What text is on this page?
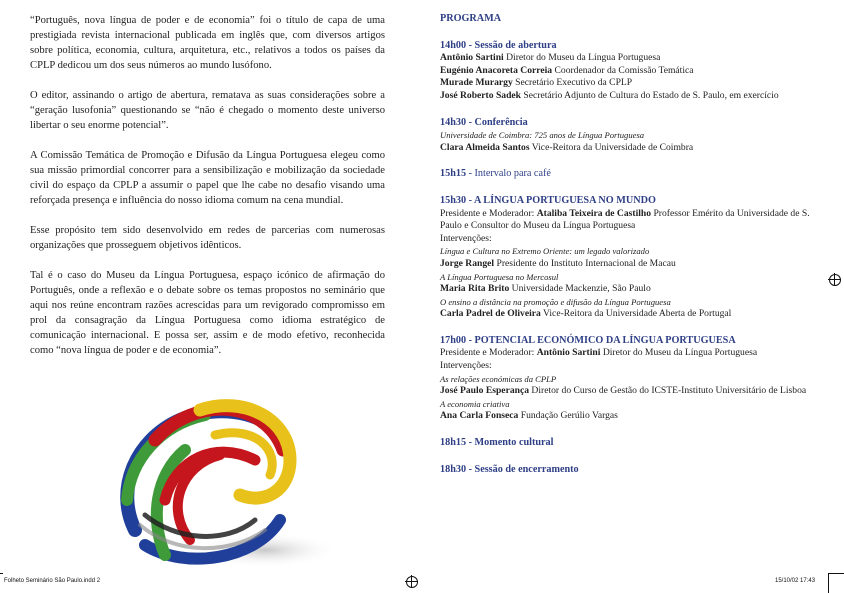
“Português, nova língua de poder e de economia” foi o título de capa de uma prestigiada revista internacional publicada em inglês que, com diversos artigos sobre política, economia, cultura, arquitetura, etc., relativos a todos os países da CPLP dedicou um dos seus números ao mundo lusófono.

O editor, assinando o artigo de abertura, rematava as suas considerações sobre a “geração lusofonia” questionando se “não é chegado o momento deste universo libertar o seu enorme potencial”.

A Comissão Temática de Promoção e Difusão da Língua Portuguesa elegeu como sua missão primordial concorrer para a sensibilização e mobilização da sociedade civil do espaço da CPLP a assumir o papel que lhe cabe no desafio visando uma reforçada presença e influência do nosso idioma comum na cena mundial.

Esse propósito tem sido desenvolvido em redes de parcerias com numerosas organizações que prosseguem objetivos idênticos.

Tal é o caso do Museu da Língua Portuguesa, espaço icónico de afirmação do Português, onde a reflexão e o debate sobre os temas propostos no seminário que aqui nos reúne encontram razões acrescidas para um revigorado compromisso em prol da consagração da Língua Portuguesa como idioma estratégico de comunicação internacional. E possa ser, assim e de modo efetivo, reconhecida como “nova língua de poder e de economia”.

PROGRAMA
14h00 - Sessão de abertura
Antônio Sartini Diretor do Museu da Língua Portuguesa
Eugénio Anacoreta Correia Coordenador da Comissão Temática
Murade Murargy Secretário Executivo da CPLP
José Roberto Sadek Secretário Adjunto de Cultura do Estado de S. Paulo, em exercício
14h30 - Conferência
Universidade de Coimbra: 725 anos de Língua Portuguesa
Clara Almeida Santos Vice-Reitora da Universidade de Coimbra
15h15 - Intervalo para café
15h30 - A LÍNGUA PORTUGUESA NO MUNDO
Presidente e Moderador: Ataliba Teixeira de Castilho Professor Emérito da Universidade de S. Paulo e Consultor do Museu da Língua Portuguesa
Intervenções:
Língua e Cultura no Extremo Oriente: um legado valorizado
Jorge Rangel Presidente do Instituto Internacional de Macau
A Língua Portuguesa no Mercosul
Maria Rita Brito Universidade Mackenzie, São Paulo
O ensino a distância na promoção e difusão da Língua Portuguesa
Carla Padrel de Oliveira Vice-Reitora da Universidade Aberta de Portugal
17h00 - POTENCIAL ECONÓMICO DA LÍNGUA PORTUGUESA
Presidente e Moderador: Antônio Sartini Diretor do Museu da Língua Portuguesa
Intervenções:
As relações económicas da CPLP
José Paulo Esperança Diretor do Curso de Gestão do ICSTE-Instituto Universitário de Lisboa
A economia criativa
Ana Carla Fonseca Fundação Gerúlio Vargas
18h15 - Momento cultural
18h30 - Sessão de encerramento
Folheto Seminário São Paulo.indd 2	15/10/02 17:43
